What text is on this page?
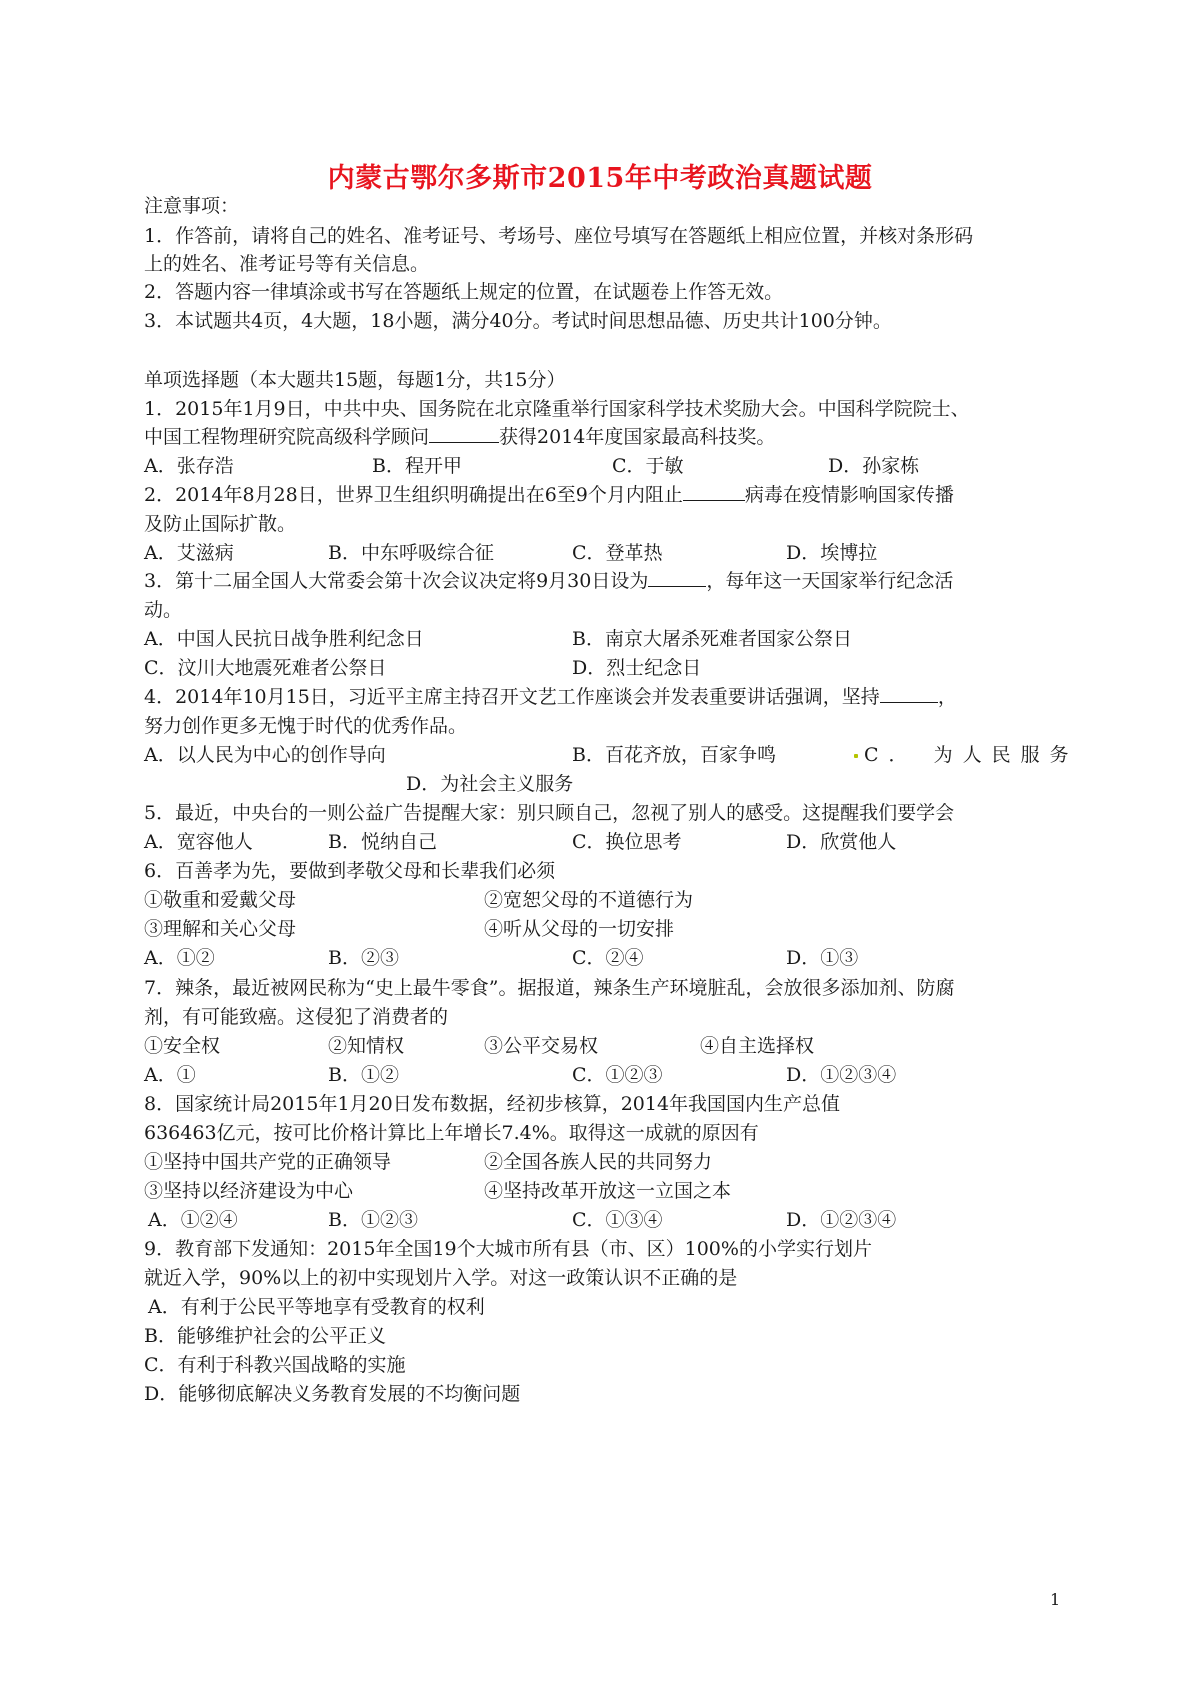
内蒙古鄂尔多斯市2015年中考政治真题试题
注意事项：
1．作答前，请将自己的姓名、准考证号、考场号、座位号填写在答题纸上相应位置，并核对条形码
上的姓名、准考证号等有关信息。
2．答题内容一律填涂或书写在答题纸上规定的位置，在试题卷上作答无效。
3．本试题共4页，4大题，18小题，满分40分。考试时间思想品德、历史共计100分钟。
单项选择题（本大题共15题，每题1分，共15分）
1．2015年1月9日，中共中央、国务院在北京隆重举行国家科学技术奖励大会。中国科学院院士、
中国工程物理研究院高级科学顾问	获得2014年度国家最高科技奖。
A．张存浩	B．程开甲	C．于敏	D．孙家栋
2．2014年8月28日，世界卫生组织明确提出在6至9个月内阻止	病毒在疫情影响国家传播
及防止国际扩散。
A．艾滋病	B．中东呼吸综合征	C．登革热	D．埃博拉
3．第十二届全国人大常委会第十次会议决定将9月30日设为	，每年这一天国家举行纪念活
动。
A．中国人民抗日战争胜利纪念日	B．南京大屠杀死难者国家公祭日
C．汶川大地震死难者公祭日	D．烈士纪念日
4．2014年10月15日，习近平主席主持召开文艺工作座谈会并发表重要讲话强调，坚持	，
努力创作更多无愧于时代的优秀作品。
A．以人民为中心的创作导向	B．百花齐放，百家争鸣	C． 为人民服务
D．为社会主义服务
5．最近，中央台的一则公益广告提醒大家：别只顾自己，忽视了别人的感受。这提醒我们要学会
A．宽容他人	B．悦纳自己	C．换位思考	D．欣赏他人
6．百善孝为先，要做到孝敬父母和长辈我们必须
①敬重和爱戴父母	②宽恕父母的不道德行为
③理解和关心父母	④听从父母的一切安排
A．①②	B．②③	C．②④	D．①③
7．辣条，最近被网民称为“史上最牛零食”。据报道，辣条生产环境脏乱，会放很多添加剂、防腐
剂，有可能致癌。这侵犯了消费者的
①安全权	②知情权	③公平交易权	④自主选择权
A．①	B．①②	C．①②③	D．①②③④
8．国家统计局2015年1月20日发布数据，经初步核算，2014年我国国内生产总值
636463亿元，按可比价格计算比上年增长7.4%。取得这一成就的原因有
①坚持中国共产党的正确领导	②全国各族人民的共同努力
③坚持以经济建设为中心	④坚持改革开放这一立国之本
A．①②④	B．①②③	C．①③④	D．①②③④
9．教育部下发通知：2015年全国19个大城市所有县（市、区）100%的小学实行划片
就近入学，90%以上的初中实现划片入学。对这一政策认识不正确的是
A．有利于公民平等地享有受教育的权利
B．能够维护社会的公平正义
C．有利于科教兴国战略的实施
D．能够彻底解决义务教育发展的不均衡问题
1
